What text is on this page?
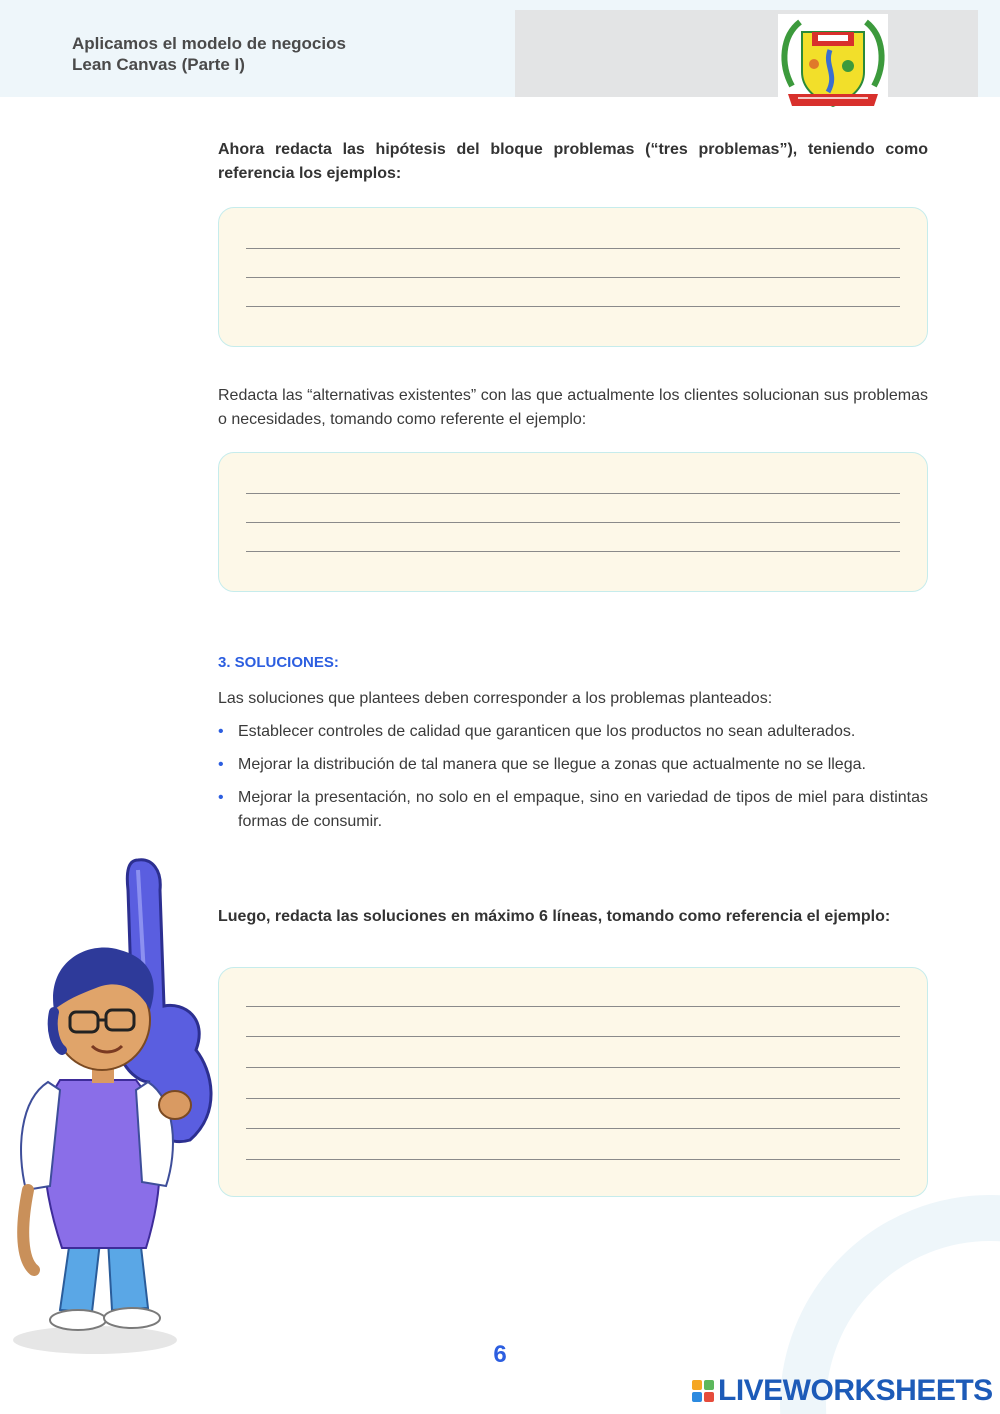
Aplicamos el modelo de negocios
Lean Canvas (Parte I)
Ahora redacta las hipótesis del bloque problemas (“tres problemas”), teniendo como referencia los ejemplos:
Redacta las “alternativas existentes” con las que actualmente los clientes solucionan sus problemas o necesidades, tomando como referente el ejemplo:
3. SOLUCIONES:
Las soluciones que plantees deben corresponder a los problemas planteados:
• Establecer controles de calidad que garanticen que los productos no sean adulterados.
• Mejorar la distribución de tal manera que se llegue a zonas que actualmente no se llega.
• Mejorar la presentación, no solo en el empaque, sino en variedad de tipos de miel para distintas formas de consumir.
Luego, redacta las soluciones en máximo 6 líneas, tomando como referencia el ejemplo:
6
LIVEWORKSHEETS
